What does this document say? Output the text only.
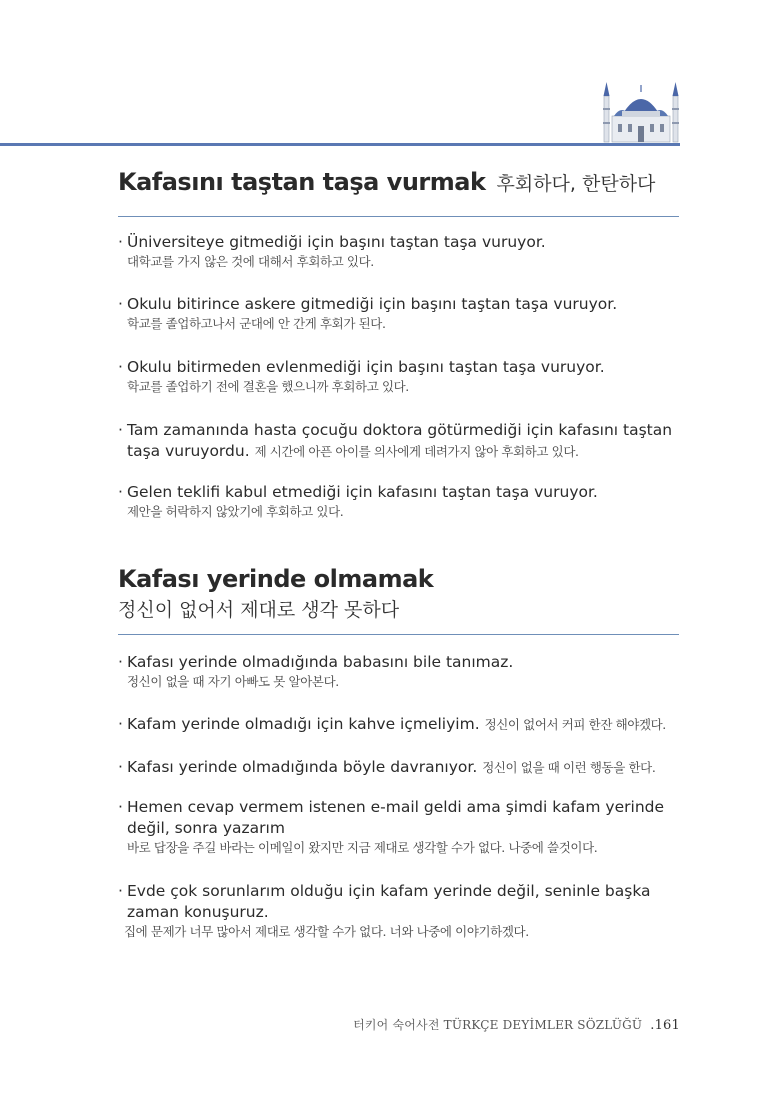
Kafasını taştan taşa vurmak 후회하다, 한탄하다
· Üniversiteye gitmediği için başını taştan taşa vuruyor.
대학교를 가지 않은 것에 대해서 후회하고 있다.
· Okulu bitirince askere gitmediği için başını taştan taşa vuruyor.
학교를 졸업하고나서 군대에 안 간게 후회가 된다.
· Okulu bitirmeden evlenmediği için başını taştan taşa vuruyor.
학교를 졸업하기 전에 결혼을 했으니까 후회하고 있다.
· Tam zamanında hasta çocuğu doktora götürmediği için kafasını taştan
taşa vuruyordu. 제 시간에 아픈 아이를 의사에게 데려가지 않아 후회하고 있다.
· Gelen teklifi kabul etmediği için kafasını taştan taşa vuruyor.
제안을 허락하지 않았기에 후회하고 있다.
Kafası yerinde olmamak
정신이 없어서 제대로 생각 못하다
· Kafası yerinde olmadığında babasını bile tanımaz.
정신이 없을 때 자기 아빠도 못 알아본다.
· Kafam yerinde olmadığı için kahve içmeliyim. 정신이 없어서 커피 한잔 해야겠다.
· Kafası yerinde olmadığında böyle davranıyor. 정신이 없을 때 이런 행동을 한다.
· Hemen cevap vermem istenen e-mail geldi ama şimdi kafam yerinde
değil, sonra yazarım
바로 답장을 주길 바라는 이메일이 왔지만 지금 제대로 생각할 수가 없다. 나중에 쓸것이다.
· Evde çok sorunlarım olduğu için kafam yerinde değil, seninle başka
zaman konuşuruz.
집에 문제가 너무 많아서 제대로 생각할 수가 없다. 너와 나중에 이야기하겠다.
터키어 숙어사전 TÜRKÇE DEYİMLER SÖZLÜĞÜ .161
